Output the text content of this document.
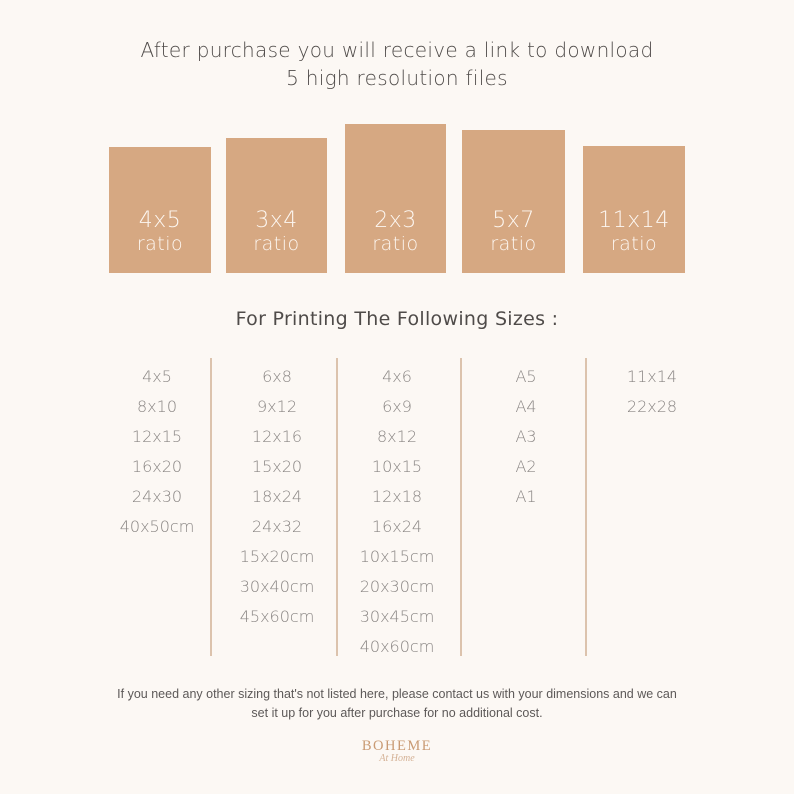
After purchase you will receive a link to download
5 high resolution files
4x5
ratio
3x4
ratio
2x3
ratio
5x7
ratio
11x14
ratio
For Printing The Following Sizes :
4x5
8x10
12x15
16x20
24x30
40x50cm
6x8
9x12
12x16
15x20
18x24
24x32
15x20cm
30x40cm
45x60cm
4x6
6x9
8x12
10x15
12x18
16x24
10x15cm
20x30cm
30x45cm
40x60cm
A5
A4
A3
A2
A1
11x14
22x28
If you need any other sizing that's not listed here, please contact us with your dimensions and we can
set it up for you after purchase for no additional cost.
BOHEME
At Home
